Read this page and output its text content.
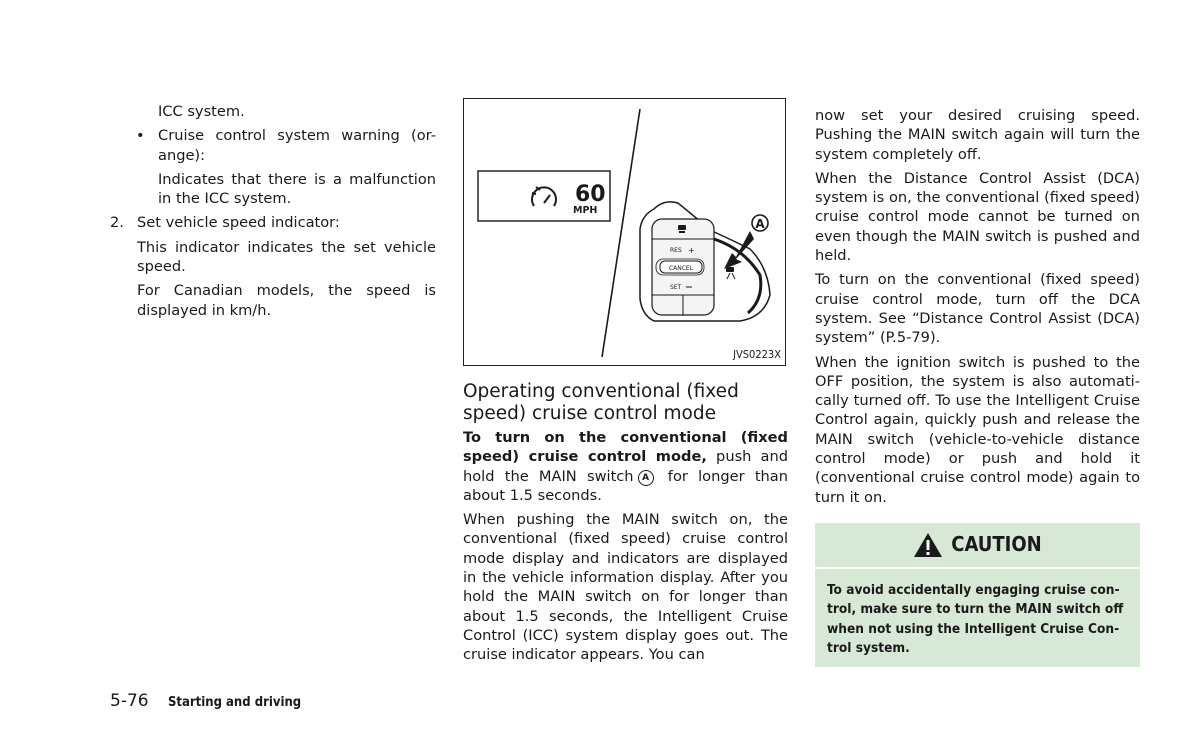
ICC system.

• Cruise control system warning (or-ange):

Indicates that there is a malfunction in the ICC system.

2. Set vehicle speed indicator:

This indicator indicates the set vehicle speed.

For Canadian models, the speed is displayed in km/h.

60
MPH
CANCEL
RES +
SET
A
JVS0223X
Operating conventional (fixed speed) cruise control mode

To turn on the conventional (fixed speed) cruise control mode, push and hold the MAIN switch A for longer than about 1.5 seconds.

When pushing the MAIN switch on, the conventional (fixed speed) cruise control mode display and indicators are displayed in the vehicle information display. After you hold the MAIN switch on for longer than about 1.5 seconds, the Intelligent Cruise Control (ICC) system display goes out. The cruise indicator appears. You can

now set your desired cruising speed. Pushing the MAIN switch again will turn the system completely off.

When the Distance Control Assist (DCA) system is on, the conventional (fixed speed) cruise control mode cannot be turned on even though the MAIN switch is pushed and held.

To turn on the conventional (fixed speed) cruise control mode, turn off the DCA system. See “Distance Control Assist (DCA) system” (P.5-79).

When the ignition switch is pushed to the OFF position, the system is also automati-cally turned off. To use the Intelligent Cruise Control again, quickly push and release the MAIN switch (vehicle-to-vehicle distance control mode) or push and hold it (conventional cruise control mode) again to turn it on.

CAUTION
To avoid accidentally engaging cruise con-trol, make sure to turn the MAIN switch off when not using the Intelligent Cruise Con-trol system.
5-76 Starting and driving
